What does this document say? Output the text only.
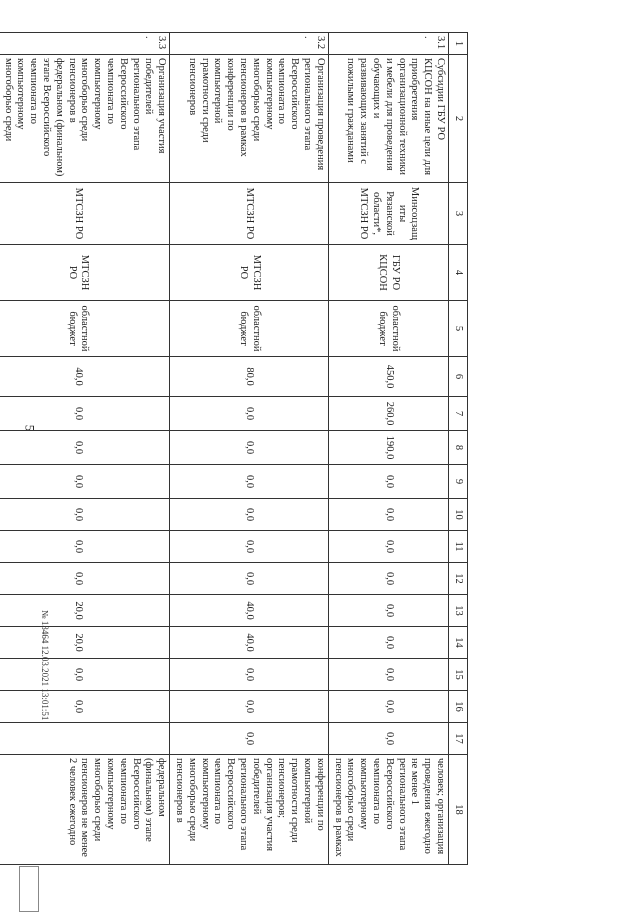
5
1	2	3	4	5	6	7	8	9	10	11	12	13	14	15	16	17	18
3.1.	Субсидии ГБУ РО КЦСОН на иные цели для приобретения организационной техники и мебели для проведения обучающих и развивающих занятий с пожилыми гражданами	Минсоцзащиты Рязанской области*, МТСЗН РО	ГБУ РО КЦСОН	областной бюджет	450,0	260,0	190,0	0,0	0,0	0,0	0,0	0,0	0,0	0,0	0,0	0,0	человек; организация проведения ежегодно не менее 1 регионального этапа Всероссийского чемпионата по компьютерному многоборью среди пенсионеров в рамках
3.2.	Организация проведения регионального этапа Всероссийского чемпионата по компьютерному многоборью среди пенсионеров в рамках конференции по компьютерной грамотности среди пенсионеров	МТСЗН РО	МТСЗН РО	областной бюджет	80,0	0,0	0,0	0,0	0,0	0,0	0,0	40,0	40,0	0,0	0,0	0,0	конференции по компьютерной грамотности среди пенсионеров; организация участия победителей регионального этапа Всероссийского чемпионата по компьютерному многоборью среди пенсионеров в
3.3.	Организация участия победителей регионального этапа Всероссийского чемпионата по компьютерному многоборью среди пенсионеров в федеральном (финальном) этапе Всероссийского чемпионата по компьютерному многоборью среди	МТСЗН РО	МТСЗН РО	областной бюджет	40,0	0,0	0,0	0,0	0,0	0,0	0,0	20,0	20,0	0,0	0,0		федеральном (финальном) этапе Всероссийского чемпионата по компьютерному многоборью среди пенсионеров не менее 2 человек ежегодно
№ 13464 12.03.2021 13:01:51
